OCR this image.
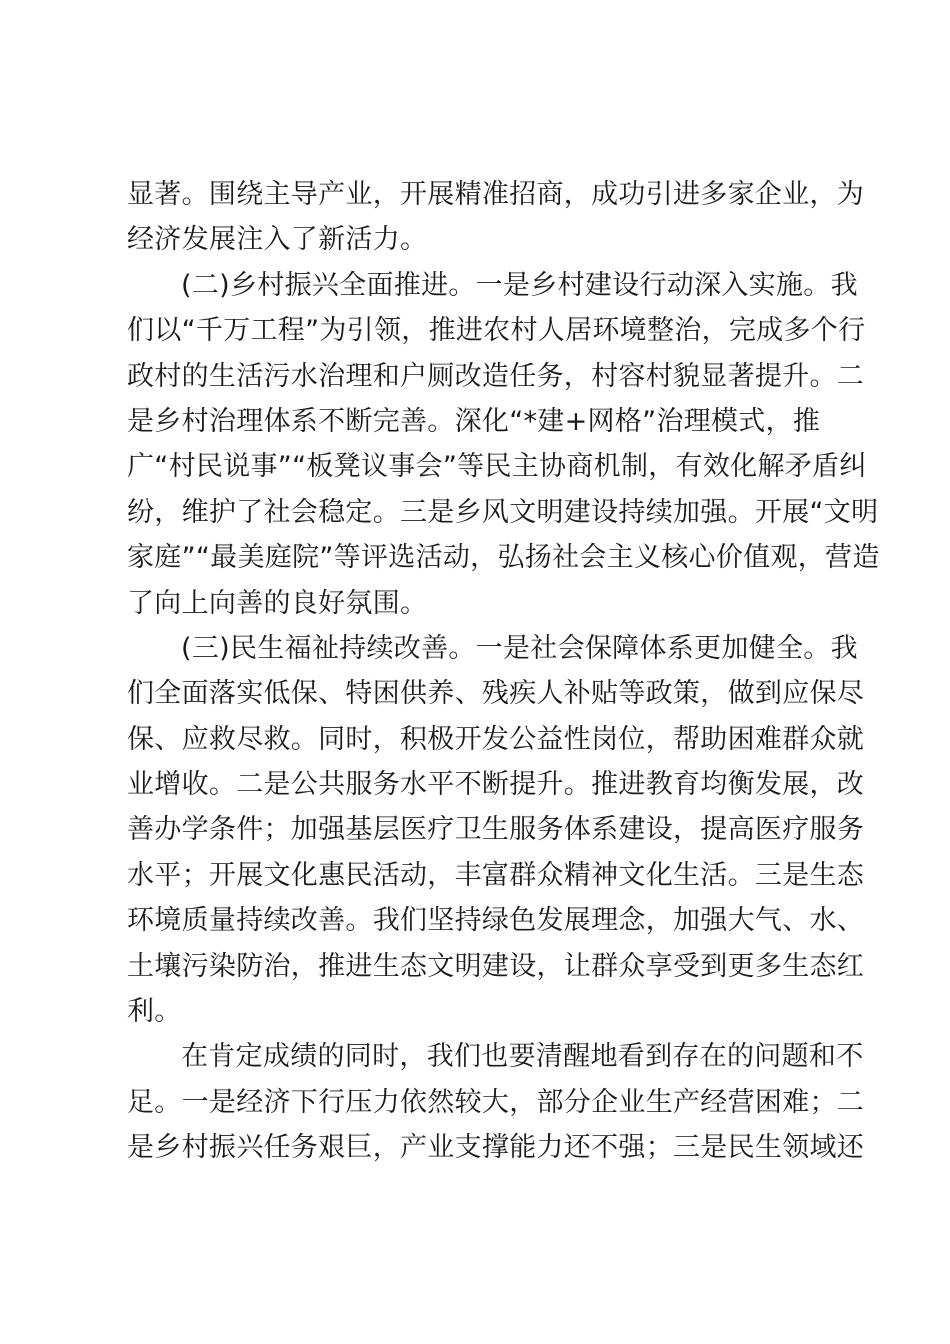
显著。围绕主导产业，开展精准招商，成功引进多家企业，为
经济发展注入了新活力。
(二)乡村振兴全面推进。一是乡村建设行动深入实施。我
们以“千万工程”为引领，推进农村人居环境整治，完成多个行
政村的生活污水治理和户厕改造任务，村容村貌显著提升。二
是乡村治理体系不断完善。深化“*建+网格”治理模式，推
广“村民说事”“板凳议事会”等民主协商机制，有效化解矛盾纠
纷，维护了社会稳定。三是乡风文明建设持续加强。开展“文明
家庭”“最美庭院”等评选活动，弘扬社会主义核心价值观，营造
了向上向善的良好氛围。
(三)民生福祉持续改善。一是社会保障体系更加健全。我
们全面落实低保、特困供养、残疾人补贴等政策，做到应保尽
保、应救尽救。同时，积极开发公益性岗位，帮助困难群众就
业增收。二是公共服务水平不断提升。推进教育均衡发展，改
善办学条件；加强基层医疗卫生服务体系建设，提高医疗服务
水平；开展文化惠民活动，丰富群众精神文化生活。三是生态
环境质量持续改善。我们坚持绿色发展理念，加强大气、水、
土壤污染防治，推进生态文明建设，让群众享受到更多生态红
利。
在肯定成绩的同时，我们也要清醒地看到存在的问题和不
足。一是经济下行压力依然较大，部分企业生产经营困难；二
是乡村振兴任务艰巨，产业支撑能力还不强；三是民生领域还
